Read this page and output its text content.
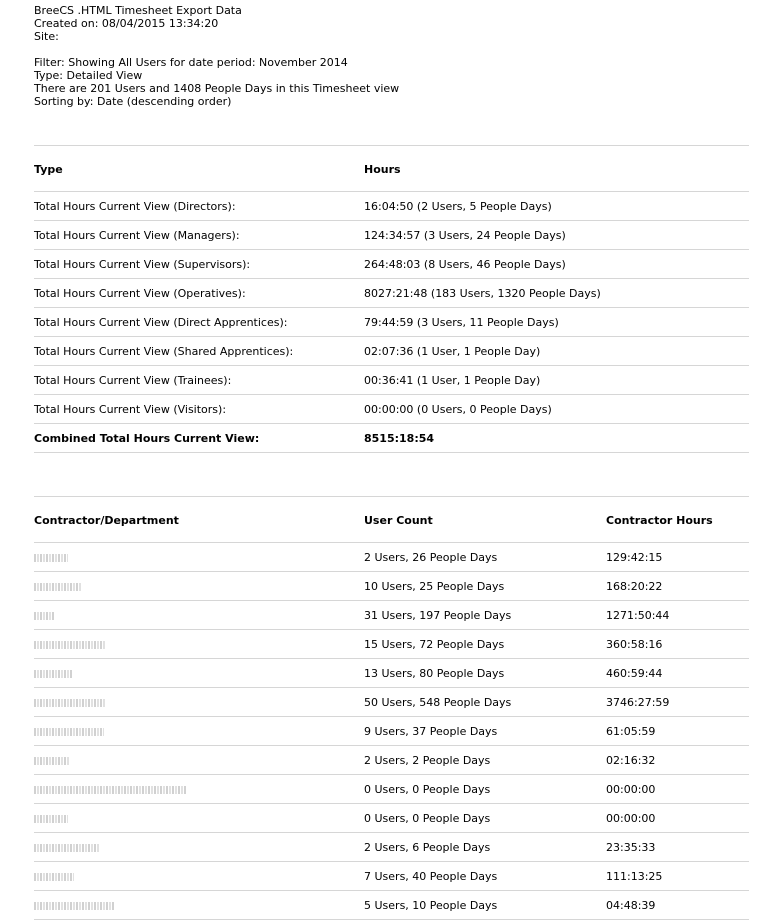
BreeCS .HTML Timesheet Export Data
Created on: 08/04/2015 13:34:20
Site:
Filter: Showing All Users for date period: November 2014
Type: Detailed View
There are 201 Users and 1408 People Days in this Timesheet view
Sorting by: Date (descending order)
Type	Hours
Total Hours Current View (Directors):	16:04:50 (2 Users, 5 People Days)
Total Hours Current View (Managers):	124:34:57 (3 Users, 24 People Days)
Total Hours Current View (Supervisors):	264:48:03 (8 Users, 46 People Days)
Total Hours Current View (Operatives):	8027:21:48 (183 Users, 1320 People Days)
Total Hours Current View (Direct Apprentices):	79:44:59 (3 Users, 11 People Days)
Total Hours Current View (Shared Apprentices):	02:07:36 (1 User, 1 People Day)
Total Hours Current View (Trainees):	00:36:41 (1 User, 1 People Day)
Total Hours Current View (Visitors):	00:00:00 (0 Users, 0 People Days)
Combined Total Hours Current View:	8515:18:54
Contractor/Department	User Count	Contractor Hours
	2 Users, 26 People Days	129:42:15
	10 Users, 25 People Days	168:20:22
	31 Users, 197 People Days	1271:50:44
	15 Users, 72 People Days	360:58:16
	13 Users, 80 People Days	460:59:44
	50 Users, 548 People Days	3746:27:59
	9 Users, 37 People Days	61:05:59
	2 Users, 2 People Days	02:16:32
	0 Users, 0 People Days	00:00:00
	0 Users, 0 People Days	00:00:00
	2 Users, 6 People Days	23:35:33
	7 Users, 40 People Days	111:13:25
	5 Users, 10 People Days	04:48:39
